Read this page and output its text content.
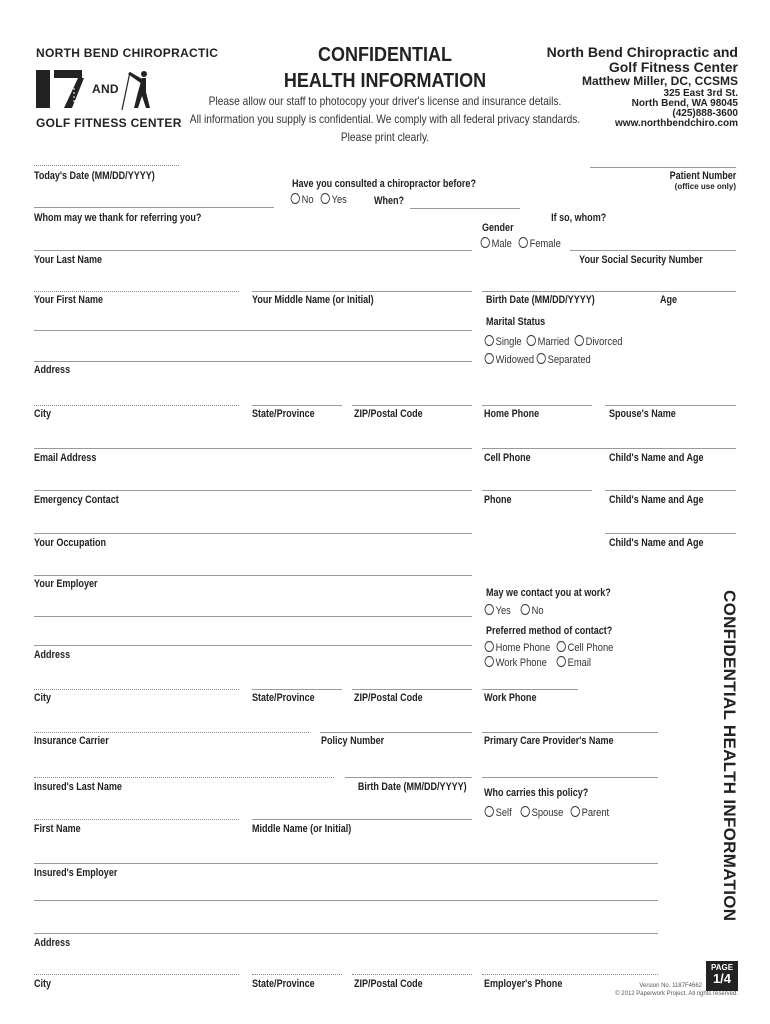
NORTH BEND CHIROPRACTIC
AND
GOLF FITNESS CENTER
CONFIDENTIAL
HEALTH INFORMATION
Please allow our staff to photocopy your driver's license and insurance details.
All information you supply is confidential. We comply with all federal privacy standards.
Please print clearly.
North Bend Chiropractic and
Golf Fitness Center
Matthew Miller, DC, CCSMS
325 East 3rd St.
North Bend, WA 98045
(425)888-3600
www.northbendchiro.com
Today's Date (MM/DD/YYYY)	Patient Number
(office use only)
Have you consulted a chiropractor before?
No	Yes When?
Whom may we thank for referring you?	If so, whom?
Gender
Male	Female
Your Last Name	Your Social Security Number
Your First Name	Your Middle Name (or Initial)	Birth Date (MM/DD/YYYY)	Age
Marital Status
Single	Married	Divorced
Widowed	Separated
Address
City	State/Province	ZIP/Postal Code	Home Phone	Spouse's Name
Email Address	Cell Phone	Child's Name and Age
Emergency Contact	Phone	Child's Name and Age
Your Occupation	Child's Name and Age
Your Employer
May we contact you at work?
Yes	No
Preferred method of contact?
Home Phone	Cell Phone
Work Phone	Email
Address
City	State/Province	ZIP/Postal Code	Work Phone
Insurance Carrier	Policy Number	Primary Care Provider's Name
Insured's Last Name	Birth Date (MM/DD/YYYY) Who carries this policy?
Self	Spouse	Parent
First Name	Middle Name (or Initial)
Insured's Employer
Address
City	State/Province	ZIP/Postal Code	Employer's Phone
CONFIDENTIAL HEALTH INFORMATION
PAGE
1/4
Version No. 1187F4662
© 2012 Paperwork Project. All rights reserved.
